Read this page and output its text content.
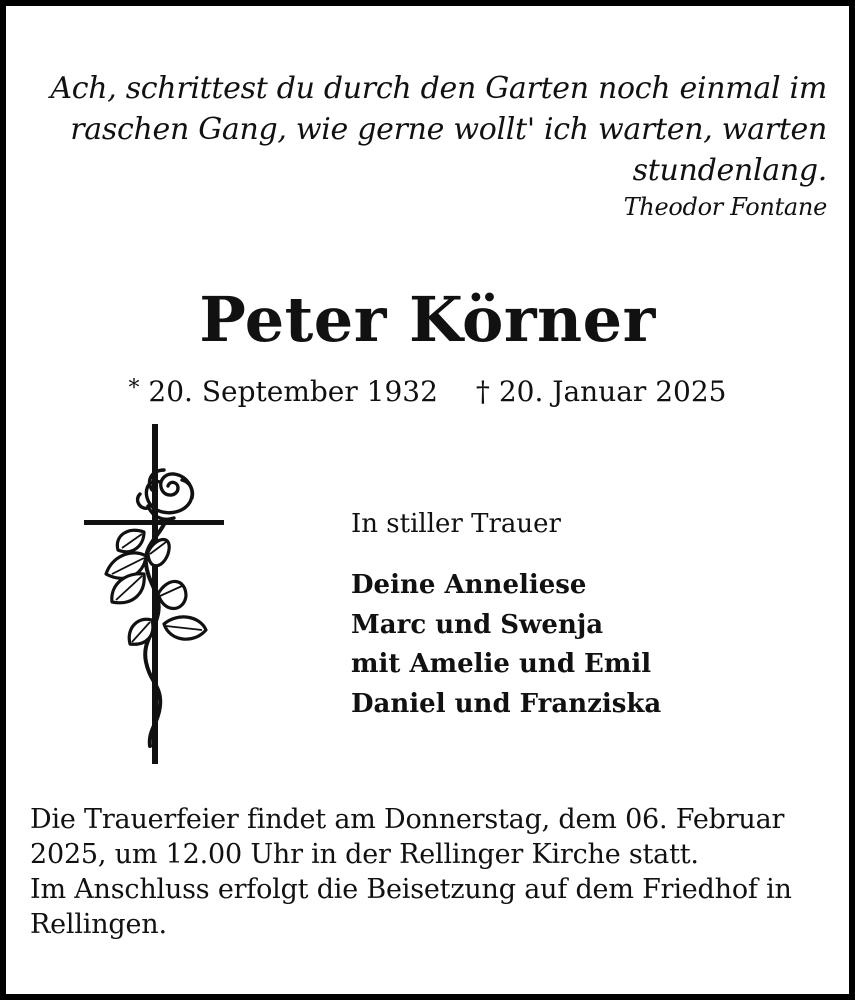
Ach, schrittest du durch den Garten noch einmal im
raschen Gang, wie gerne wollt' ich warten, warten
stundenlang.

Theodor Fontane
Peter Körner
* 20. September 1932 † 20. Januar 2025
In stiller Trauer
Deine Anneliese
Marc und Swenja
mit Amelie und Emil
Daniel und Franziska

Die Trauerfeier findet am Donnerstag, dem 06. Februar

2025, um 12.00 Uhr in der Rellinger Kirche statt.

Im Anschluss erfolgt die Beisetzung auf dem Friedhof in

Rellingen.
